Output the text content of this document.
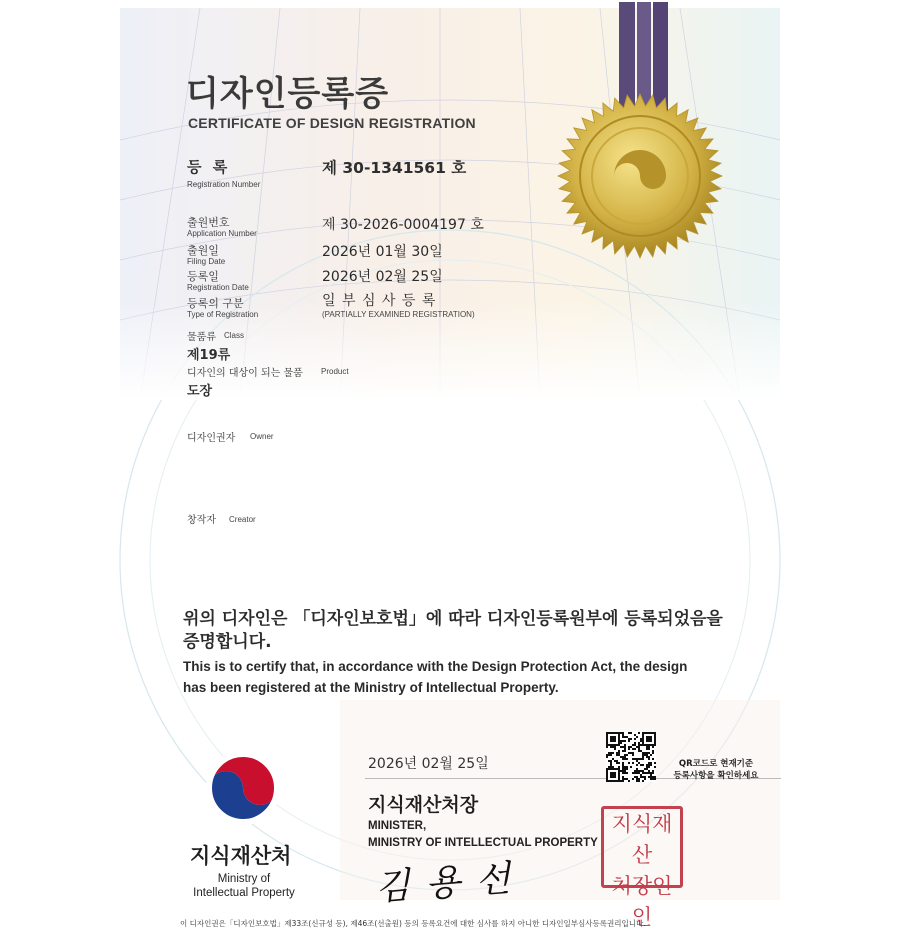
디자인등록증
CERTIFICATE OF DESIGN REGISTRATION
등 록
Registration Number
제 30-1341561 호
출원번호
Application Number
제 30-2026-0004197 호
출원일
Filing Date
2026년 01월 30일
등록일
Registration Date
2026년 02월 25일
등록의 구분
Type of Registration
일 부 심 사 등 록
(PARTIALLY EXAMINED REGISTRATION)
물품류 Class
제19류
디자인의 대상이 되는 물품 Product
도장
디자인권자 Owner
창작자 Creator
위의 디자인은 「디자인보호법」에 따라 디자인등록원부에 등록되었음을
증명합니다.
This is to certify that, in accordance with the Design Protection Act, the design
has been registered at the Ministry of Intellectual Property.
지식재산처
Ministry of
Intellectual Property
2026년 02월 25일	QR코드로 현재기준
등록사항을 확인하세요
지식재산처장
MINISTER,
MINISTRY OF INTELLECTUAL PROPERTY
김 용 선
지식재산
처장인인
이 디자인권은「디자인보호법」제33조(신규성 등), 제46조(선출원) 등의 등록요건에 대한 심사를 하지 아니한 디자인일부심사등록권리입니다.
